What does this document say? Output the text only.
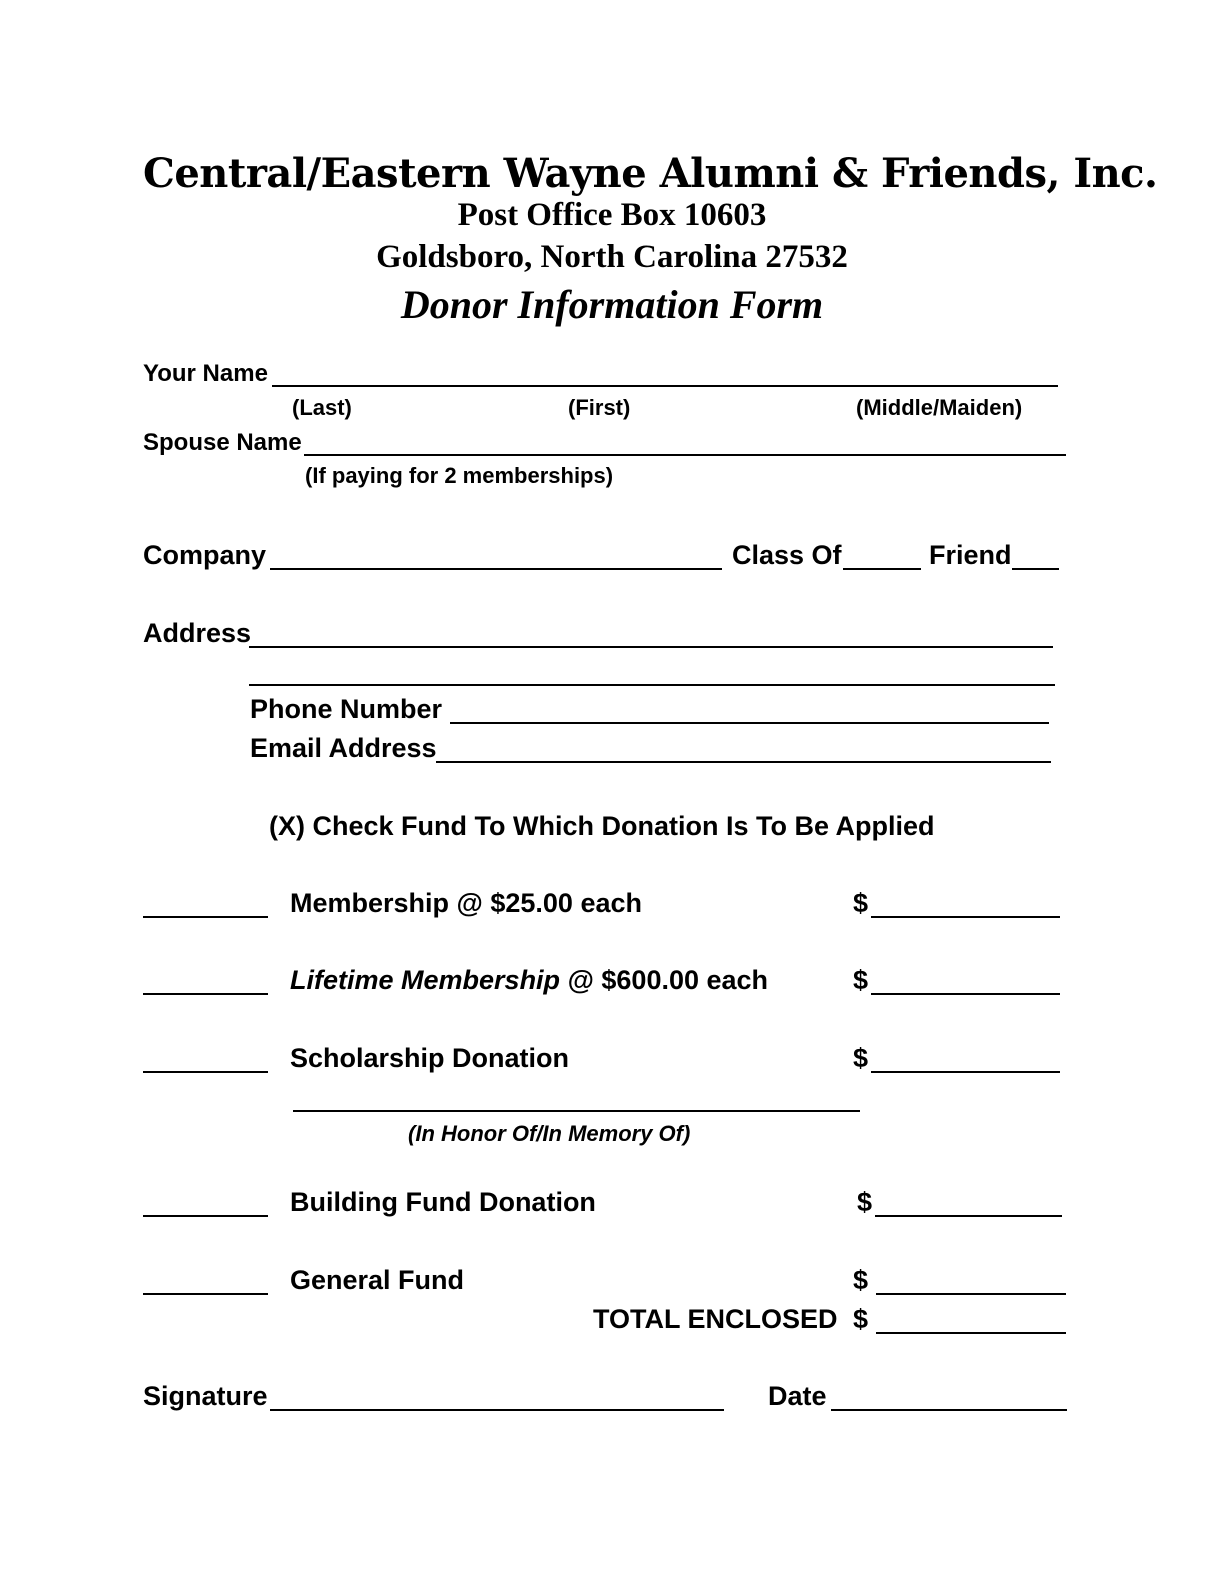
Central/Eastern Wayne Alumni & Friends, Inc.
Post Office Box 10603
Goldsboro, North Carolina 27532
Donor Information Form
Your Name
(Last)	(First)	(Middle/Maiden)
Spouse Name
(If paying for 2 memberships)
Company	Class Of	Friend
Address
Phone Number
Email Address
(X) Check Fund To Which Donation Is To Be Applied
Membership @ $25.00 each	$
Lifetime Membership @ $600.00 each	$
Scholarship Donation	$
(In Honor Of/In Memory Of)
Building Fund Donation	$
General Fund	$
TOTAL ENCLOSED $
Signature	Date
